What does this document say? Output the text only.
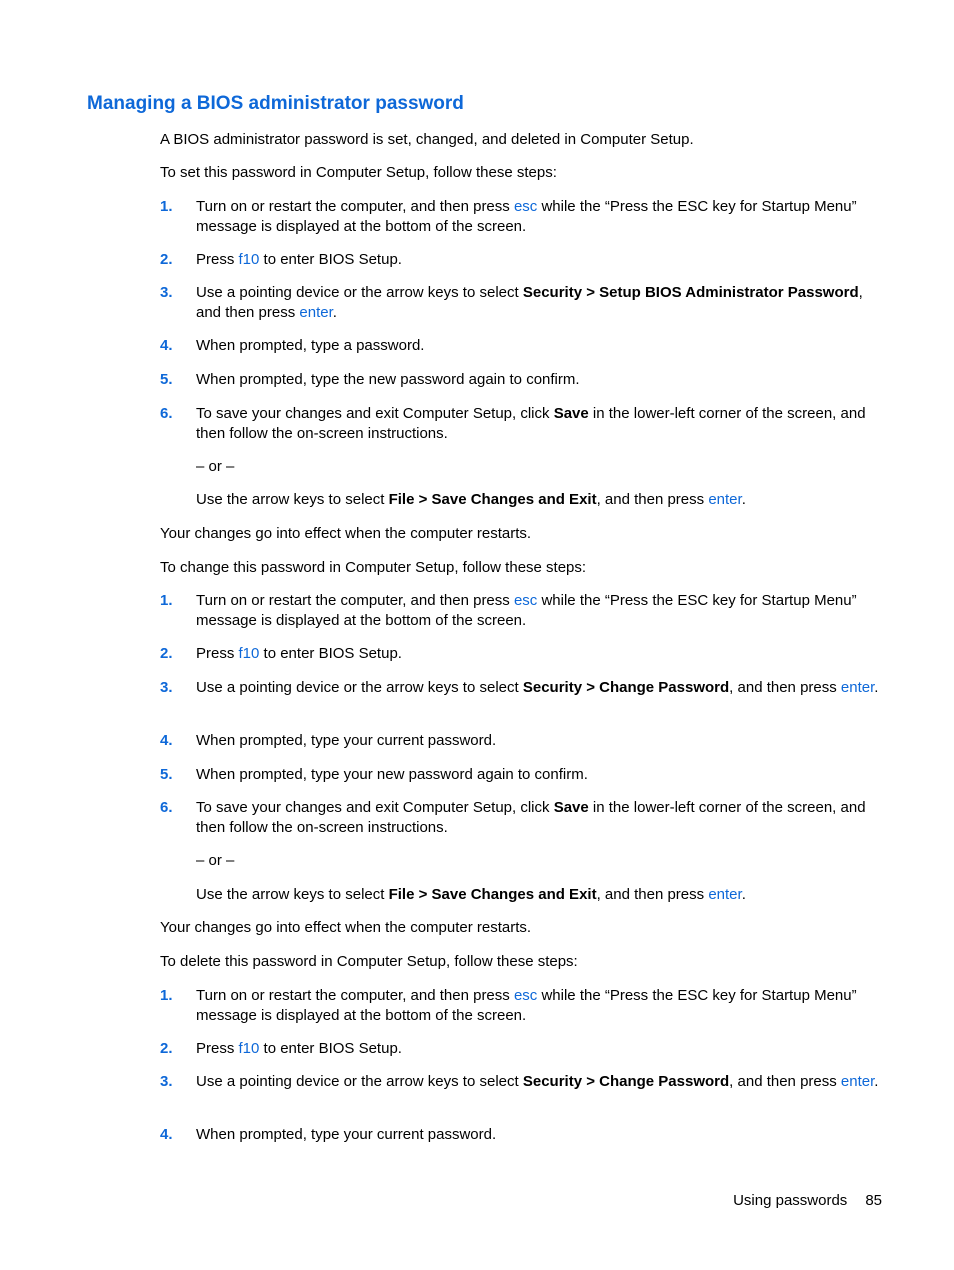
Managing a BIOS administrator password
A BIOS administrator password is set, changed, and deleted in Computer Setup.
To set this password in Computer Setup, follow these steps:
1.	Turn on or restart the computer, and then press esc while the “Press the ESC key for Startup Menu” message is displayed at the bottom of the screen.
2.	Press f10 to enter BIOS Setup.
3.	Use a pointing device or the arrow keys to select Security > Setup BIOS Administrator Password, and then press enter.
4.	When prompted, type a password.
5.	When prompted, type the new password again to confirm.
6.	To save your changes and exit Computer Setup, click Save in the lower-left corner of the screen, and then follow the on-screen instructions.
– or –
Use the arrow keys to select File > Save Changes and Exit, and then press enter.
Your changes go into effect when the computer restarts.
To change this password in Computer Setup, follow these steps:
1.	Turn on or restart the computer, and then press esc while the “Press the ESC key for Startup Menu” message is displayed at the bottom of the screen.
2.	Press f10 to enter BIOS Setup.
3.	Use a pointing device or the arrow keys to select Security > Change Password, and then press enter.
4.	When prompted, type your current password.
5.	When prompted, type your new password again to confirm.
6.	To save your changes and exit Computer Setup, click Save in the lower-left corner of the screen, and then follow the on-screen instructions.
– or –
Use the arrow keys to select File > Save Changes and Exit, and then press enter.
Your changes go into effect when the computer restarts.
To delete this password in Computer Setup, follow these steps:
1.	Turn on or restart the computer, and then press esc while the “Press the ESC key for Startup Menu” message is displayed at the bottom of the screen.
2.	Press f10 to enter BIOS Setup.
3.	Use a pointing device or the arrow keys to select Security > Change Password, and then press enter.
4.	When prompted, type your current password.
Using passwords 85
